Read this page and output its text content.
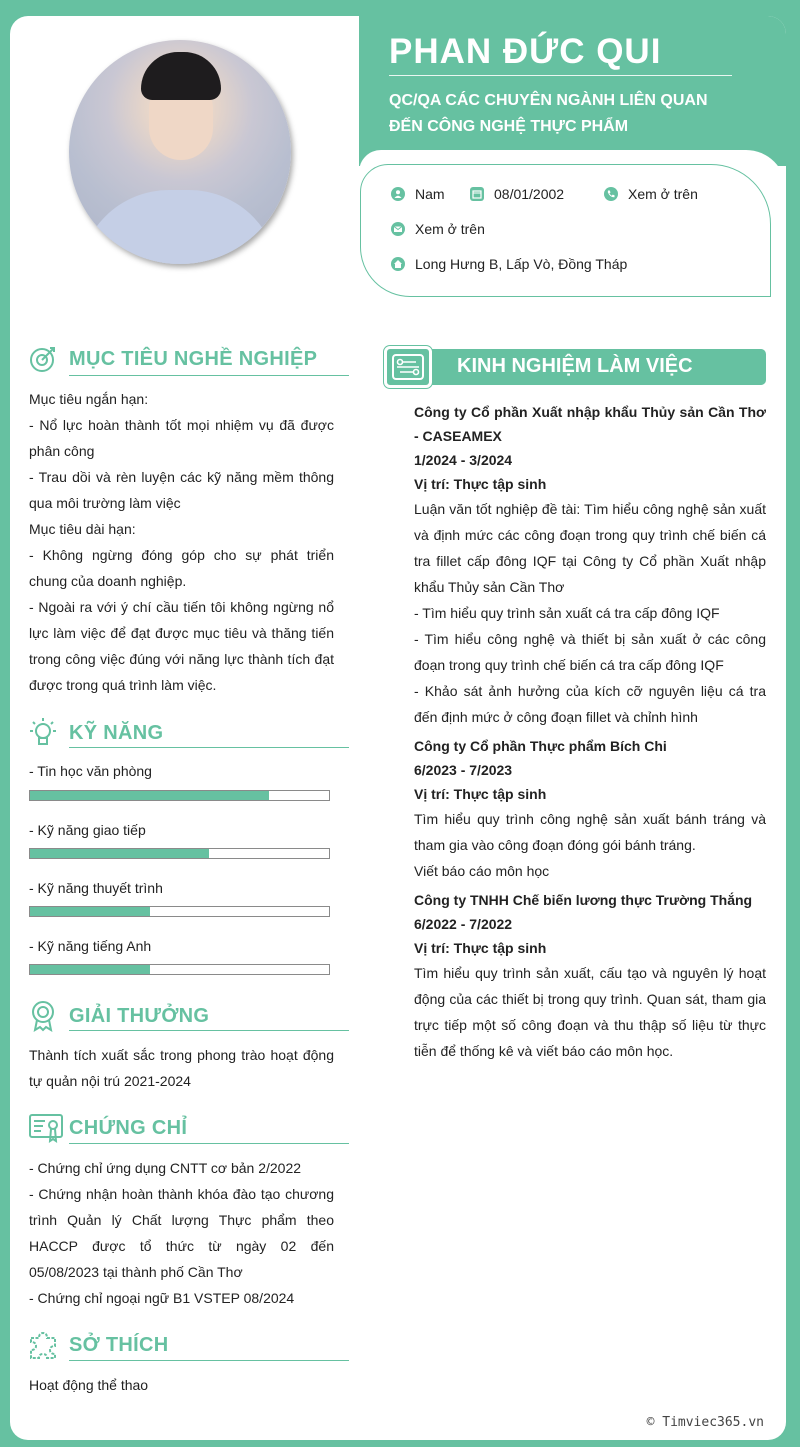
PHAN ĐỨC QUI
QC/QA CÁC CHUYÊN NGÀNH LIÊN QUAN ĐẾN CÔNG NGHỆ THỰC PHẨM
Nam	08/01/2002	Xem ở trên
Xem ở trên
Long Hưng B, Lấp Vò, Đồng Tháp
MỤC TIÊU NGHỀ NGHIỆP
Mục tiêu ngắn hạn:
- Nổ lực hoàn thành tốt mọi nhiệm vụ đã được phân công
- Trau dồi và rèn luyện các kỹ năng mềm thông qua môi trường làm việc
Mục tiêu dài hạn:
- Không ngừng đóng góp cho sự phát triển chung của doanh nghiệp.
- Ngoài ra với ý chí cầu tiến tôi không ngừng nổ lực làm việc để đạt được mục tiêu và thăng tiến trong công việc đúng với năng lực thành tích đạt được trong quá trình làm việc.
KỸ NĂNG
- Tin học văn phòng
- Kỹ năng giao tiếp
- Kỹ năng thuyết trình
- Kỹ năng tiếng Anh
GIẢI THƯỞNG
Thành tích xuất sắc trong phong trào hoạt động tự quản nội trú 2021-2024
CHỨNG CHỈ
- Chứng chỉ ứng dụng CNTT cơ bản 2/2022
- Chứng nhận hoàn thành khóa đào tạo chương trình Quản lý Chất lượng Thực phẩm theo HACCP được tổ thức từ ngày 02 đến 05/08/2023 tại thành phố Cần Thơ
- Chứng chỉ ngoại ngữ B1 VSTEP 08/2024
SỞ THÍCH
Hoạt động thể thao
KINH NGHIỆM LÀM VIỆC

Công ty Cổ phần Xuất nhập khẩu Thủy sản Cần Thơ - CASEAMEX

1/2024 - 3/2024

Vị trí: Thực tập sinh

Luận văn tốt nghiệp đề tài: Tìm hiểu công nghệ sản xuất và định mức các công đoạn trong quy trình chế biến cá tra fillet cấp đông IQF tại Công ty Cổ phần Xuất nhập khẩu Thủy sản Cần Thơ

- Tìm hiểu quy trình sản xuất cá tra cấp đông IQF

- Tìm hiểu công nghệ và thiết bị sản xuất ở các công đoạn trong quy trình chế biến cá tra cấp đông IQF

- Khảo sát ảnh hưởng của kích cỡ nguyên liệu cá tra đến định mức ở công đoạn fillet và chỉnh hình

Công ty Cổ phần Thực phẩm Bích Chi

6/2023 - 7/2023

Vị trí: Thực tập sinh

Tìm hiểu quy trình công nghệ sản xuất bánh tráng và tham gia vào công đoạn đóng gói bánh tráng.

Viết báo cáo môn học

Công ty TNHH Chế biến lương thực Trường Thắng

6/2022 - 7/2022

Vị trí: Thực tập sinh

Tìm hiểu quy trình sản xuất, cấu tạo và nguyên lý hoạt động của các thiết bị trong quy trình. Quan sát, tham gia trực tiếp một số công đoạn và thu thập số liệu từ thực tiễn để thống kê và viết báo cáo môn học.

© Timviec365.vn
